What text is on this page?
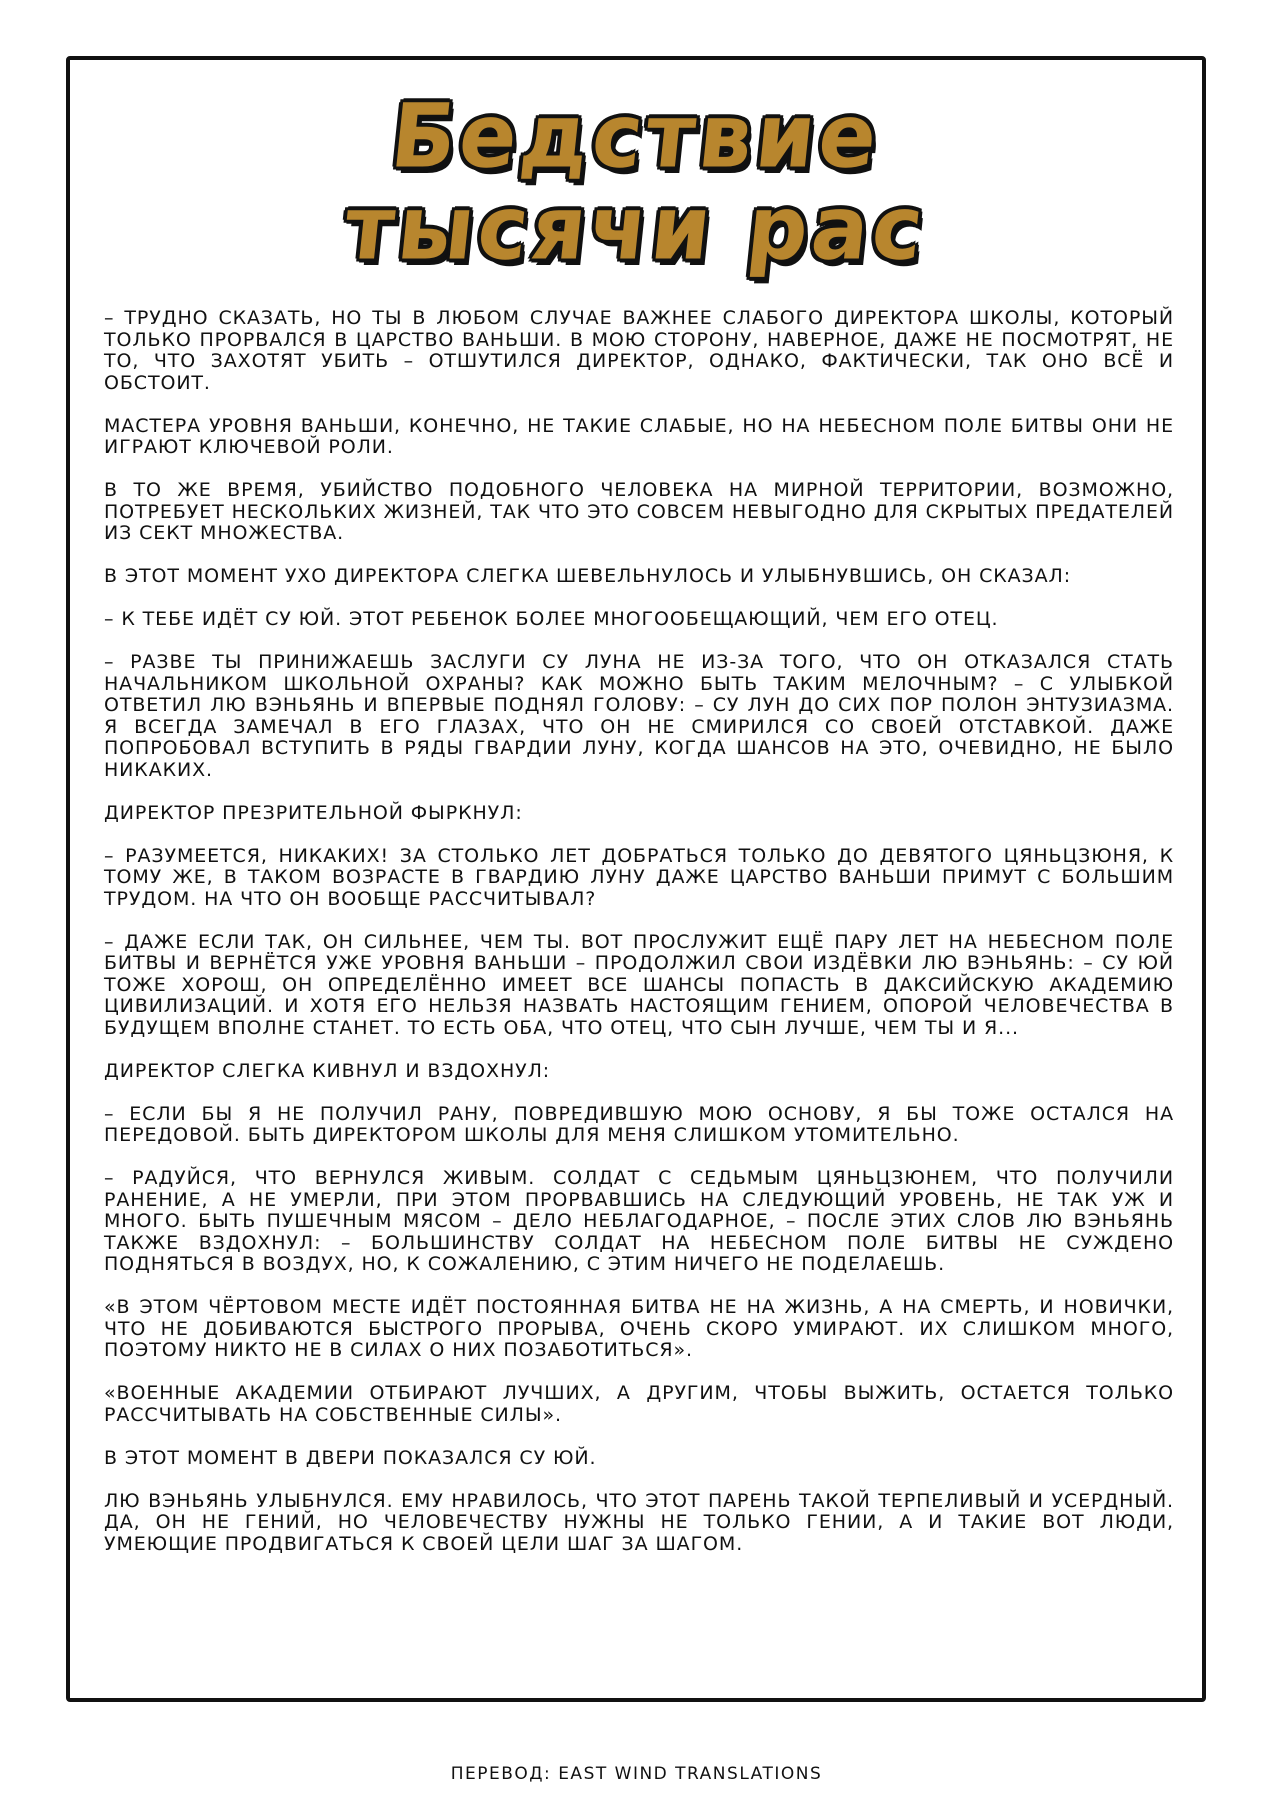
Бедствие
тысячи рас

– ТРУДНО СКАЗАТЬ, НО ТЫ В ЛЮБОМ СЛУЧАЕ ВАЖНЕЕ СЛАБОГО ДИРЕКТОРА ШКОЛЫ, КОТОРЫЙ ТОЛЬКО ПРОРВАЛСЯ В ЦАРСТВО ВАНЬШИ. В МОЮ СТОРОНУ, НАВЕРНОЕ, ДАЖЕ НЕ ПОСМОТРЯТ, НЕ ТО, ЧТО ЗАХОТЯТ УБИТЬ – ОТШУТИЛСЯ ДИРЕКТОР, ОДНАКО, ФАКТИЧЕСКИ, ТАК ОНО ВСЁ И ОБСТОИТ.

МАСТЕРА УРОВНЯ ВАНЬШИ, КОНЕЧНО, НЕ ТАКИЕ СЛАБЫЕ, НО НА НЕБЕСНОМ ПОЛЕ БИТВЫ ОНИ НЕ ИГРАЮТ КЛЮЧЕВОЙ РОЛИ.

В ТО ЖЕ ВРЕМЯ, УБИЙСТВО ПОДОБНОГО ЧЕЛОВЕКА НА МИРНОЙ ТЕРРИТОРИИ, ВОЗМОЖНО, ПОТРЕБУЕТ НЕСКОЛЬКИХ ЖИЗНЕЙ, ТАК ЧТО ЭТО СОВСЕМ НЕВЫГОДНО ДЛЯ СКРЫТЫХ ПРЕДАТЕЛЕЙ ИЗ СЕКТ МНОЖЕСТВА.

В ЭТОТ МОМЕНТ УХО ДИРЕКТОРА СЛЕГКА ШЕВЕЛЬНУЛОСЬ И УЛЫБНУВШИСЬ, ОН СКАЗАЛ:

– К ТЕБЕ ИДЁТ СУ ЮЙ. ЭТОТ РЕБЕНОК БОЛЕЕ МНОГООБЕЩАЮЩИЙ, ЧЕМ ЕГО ОТЕЦ.

– РАЗВЕ ТЫ ПРИНИЖАЕШЬ ЗАСЛУГИ СУ ЛУНА НЕ ИЗ-ЗА ТОГО, ЧТО ОН ОТКАЗАЛСЯ СТАТЬ НАЧАЛЬНИКОМ ШКОЛЬНОЙ ОХРАНЫ? КАК МОЖНО БЫТЬ ТАКИМ МЕЛОЧНЫМ? – С УЛЫБКОЙ ОТВЕТИЛ ЛЮ ВЭНЬЯНЬ И ВПЕРВЫЕ ПОДНЯЛ ГОЛОВУ: – СУ ЛУН ДО СИХ ПОР ПОЛОН ЭНТУЗИАЗМА. Я ВСЕГДА ЗАМЕЧАЛ В ЕГО ГЛАЗАХ, ЧТО ОН НЕ СМИРИЛСЯ СО СВОЕЙ ОТСТАВКОЙ. ДАЖЕ ПОПРОБОВАЛ ВСТУПИТЬ В РЯДЫ ГВАРДИИ ЛУНУ, КОГДА ШАНСОВ НА ЭТО, ОЧЕВИДНО, НЕ БЫЛО НИКАКИХ.

ДИРЕКТОР ПРЕЗРИТЕЛЬНОЙ ФЫРКНУЛ:

– РАЗУМЕЕТСЯ, НИКАКИХ! ЗА СТОЛЬКО ЛЕТ ДОБРАТЬСЯ ТОЛЬКО ДО ДЕВЯТОГО ЦЯНЬЦЗЮНЯ, К ТОМУ ЖЕ, В ТАКОМ ВОЗРАСТЕ В ГВАРДИЮ ЛУНУ ДАЖЕ ЦАРСТВО ВАНЬШИ ПРИМУТ С БОЛЬШИМ ТРУДОМ. НА ЧТО ОН ВООБЩЕ РАССЧИТЫВАЛ?

– ДАЖЕ ЕСЛИ ТАК, ОН СИЛЬНЕЕ, ЧЕМ ТЫ. ВОТ ПРОСЛУЖИТ ЕЩЁ ПАРУ ЛЕТ НА НЕБЕСНОМ ПОЛЕ БИТВЫ И ВЕРНЁТСЯ УЖЕ УРОВНЯ ВАНЬШИ – ПРОДОЛЖИЛ СВОИ ИЗДЁВКИ ЛЮ ВЭНЬЯНЬ: – СУ ЮЙ ТОЖЕ ХОРОШ, ОН ОПРЕДЕЛЁННО ИМЕЕТ ВСЕ ШАНСЫ ПОПАСТЬ В ДАКСИЙСКУЮ АКАДЕМИЮ ЦИВИЛИЗАЦИЙ. И ХОТЯ ЕГО НЕЛЬЗЯ НАЗВАТЬ НАСТОЯЩИМ ГЕНИЕМ, ОПОРОЙ ЧЕЛОВЕЧЕСТВА В БУДУЩЕМ ВПОЛНЕ СТАНЕТ. ТО ЕСТЬ ОБА, ЧТО ОТЕЦ, ЧТО СЫН ЛУЧШЕ, ЧЕМ ТЫ И Я...

ДИРЕКТОР СЛЕГКА КИВНУЛ И ВЗДОХНУЛ:

– ЕСЛИ БЫ Я НЕ ПОЛУЧИЛ РАНУ, ПОВРЕДИВШУЮ МОЮ ОСНОВУ, Я БЫ ТОЖЕ ОСТАЛСЯ НА ПЕРЕДОВОЙ. БЫТЬ ДИРЕКТОРОМ ШКОЛЫ ДЛЯ МЕНЯ СЛИШКОМ УТОМИТЕЛЬНО.

– РАДУЙСЯ, ЧТО ВЕРНУЛСЯ ЖИВЫМ. СОЛДАТ С СЕДЬМЫМ ЦЯНЬЦЗЮНЕМ, ЧТО ПОЛУЧИЛИ РАНЕНИЕ, А НЕ УМЕРЛИ, ПРИ ЭТОМ ПРОРВАВШИСЬ НА СЛЕДУЮЩИЙ УРОВЕНЬ, НЕ ТАК УЖ И МНОГО. БЫТЬ ПУШЕЧНЫМ МЯСОМ – ДЕЛО НЕБЛАГОДАРНОЕ, – ПОСЛЕ ЭТИХ СЛОВ ЛЮ ВЭНЬЯНЬ ТАКЖЕ ВЗДОХНУЛ: – БОЛЬШИНСТВУ СОЛДАТ НА НЕБЕСНОМ ПОЛЕ БИТВЫ НЕ СУЖДЕНО ПОДНЯТЬСЯ В ВОЗДУХ, НО, К СОЖАЛЕНИЮ, С ЭТИМ НИЧЕГО НЕ ПОДЕЛАЕШЬ.

«В ЭТОМ ЧЁРТОВОМ МЕСТЕ ИДЁТ ПОСТОЯННАЯ БИТВА НЕ НА ЖИЗНЬ, А НА СМЕРТЬ, И НОВИЧКИ, ЧТО НЕ ДОБИВАЮТСЯ БЫСТРОГО ПРОРЫВА, ОЧЕНЬ СКОРО УМИРАЮТ. ИХ СЛИШКОМ МНОГО, ПОЭТОМУ НИКТО НЕ В СИЛАХ О НИХ ПОЗАБОТИТЬСЯ».

«ВОЕННЫЕ АКАДЕМИИ ОТБИРАЮТ ЛУЧШИХ, А ДРУГИМ, ЧТОБЫ ВЫЖИТЬ, ОСТАЕТСЯ ТОЛЬКО РАССЧИТЫВАТЬ НА СОБСТВЕННЫЕ СИЛЫ».

В ЭТОТ МОМЕНТ В ДВЕРИ ПОКАЗАЛСЯ СУ ЮЙ.

ЛЮ ВЭНЬЯНЬ УЛЫБНУЛСЯ. ЕМУ НРАВИЛОСЬ, ЧТО ЭТОТ ПАРЕНЬ ТАКОЙ ТЕРПЕЛИВЫЙ И УСЕРДНЫЙ. ДА, ОН НЕ ГЕНИЙ, НО ЧЕЛОВЕЧЕСТВУ НУЖНЫ НЕ ТОЛЬКО ГЕНИИ, А И ТАКИЕ ВОТ ЛЮДИ, УМЕЮЩИЕ ПРОДВИГАТЬСЯ К СВОЕЙ ЦЕЛИ ШАГ ЗА ШАГОМ.

ПЕРЕВОД: EAST WIND TRANSLATIONS
